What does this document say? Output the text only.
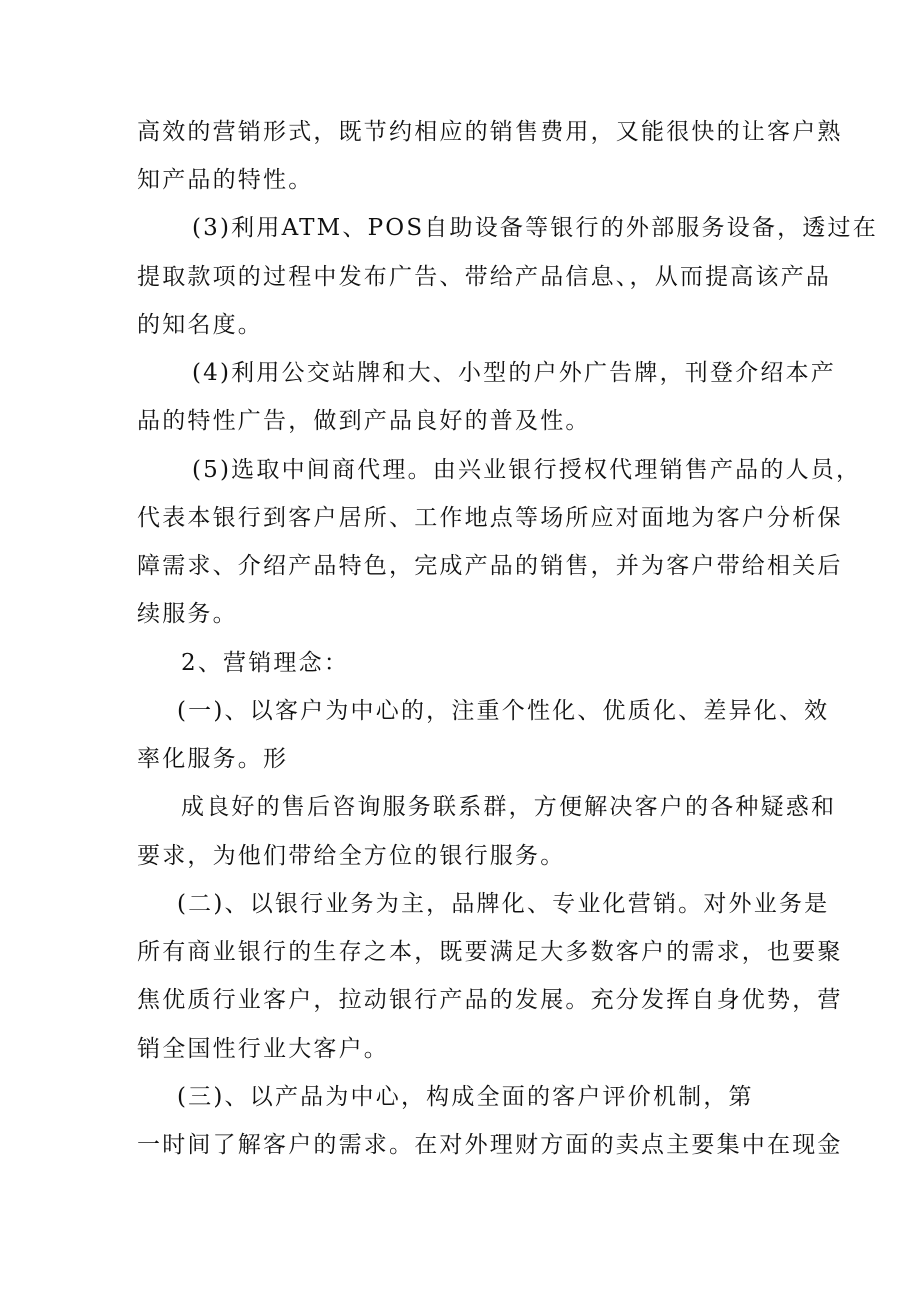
高效的营销形式，既节约相应的销售费用，又能很快的让客户熟
知产品的特性。
(3)利用ATM、POS自助设备等银行的外部服务设备，透过在
提取款项的过程中发布广告、带给产品信息、，从而提高该产品
的知名度。
(4)利用公交站牌和大、小型的户外广告牌，刊登介绍本产
品的特性广告，做到产品良好的普及性。
(5)选取中间商代理。由兴业银行授权代理销售产品的人员，
代表本银行到客户居所、工作地点等场所应对面地为客户分析保
障需求、介绍产品特色，完成产品的销售，并为客户带给相关后
续服务。
2、营销理念：
(一)、以客户为中心的，注重个性化、优质化、差异化、效
率化服务。形
成良好的售后咨询服务联系群，方便解决客户的各种疑惑和
要求，为他们带给全方位的银行服务。
(二)、以银行业务为主，品牌化、专业化营销。对外业务是
所有商业银行的生存之本，既要满足大多数客户的需求，也要聚
焦优质行业客户，拉动银行产品的发展。充分发挥自身优势，营
销全国性行业大客户。
(三)、以产品为中心，构成全面的客户评价机制，第
一时间了解客户的需求。在对外理财方面的卖点主要集中在现金
